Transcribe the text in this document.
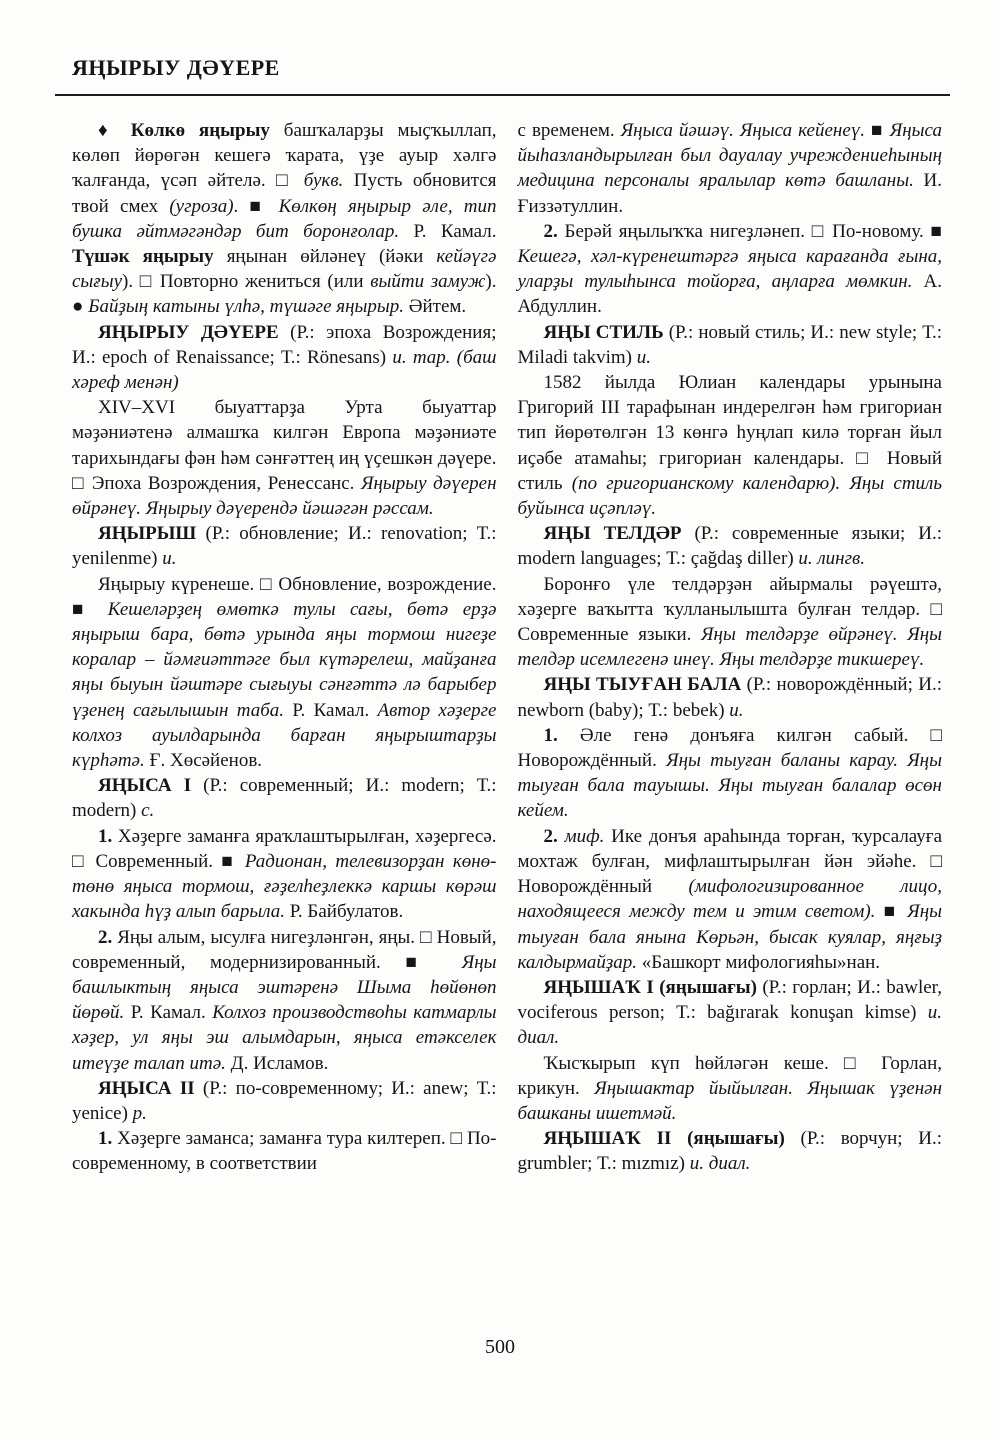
ЯҢЫРЫУ ДӘҮЕРЕ

♦ Көлкө яңырыу башҡаларҙы мыҫҡыллап, көлөп йөрөгән кешегә ҡарата, үҙе ауыр хәлгә ҡалғанда, үсәп әйтелә. □ букв. Пусть обновится твой смех (угроза). ■ Көлкөң яңырыр әле, тип бушка әйтмәгәндәр бит боронғолар. Р. Камал. Түшәк яңырыу яңынан өйләнеү (йәки кейәүгә сығыу). □ Повторно жениться (или выйти замуж). ● Байҙың катыны үлһә, түшәге яңырыр. Әйтем.

ЯҢЫРЫУ ДӘҮЕРЕ (Р.: эпоха Возрождения; И.: epoch of Renaissance; Т.: Rönesans) и. тар. (баш хәреф менән)

XIV–XVI быуаттарҙа Урта быуаттар мәҙәниәтенә алмашҡа килгән Европа мәҙәниәте тарихындағы фән һәм сәнғәттең иң үҫешкән дәүере. □ Эпоха Возрождения, Ренессанс. Яңырыу дәүерен өйрәнеү. Яңырыу дәүерендә йәшәгән рәссам.

ЯҢЫРЫШ (Р.: обновление; И.: renovation; Т.: yenilenme) и.

Яңырыу күренеше. □ Обновление, возрождение. ■ Кешеләрҙең өмөткә тулы сағы, бөтә ерҙә яңырыш бара, бөтә урында яңы тормош нигеҙе коралар – йәмғиәттәге был күтәрелеш, майҙанға яңы быуын йәштәре сығыуы сәнғәттә лә барыбер үҙенең сағылышын таба. Р. Камал. Автор хәҙерге колхоз ауылдарында барған яңырыштарҙы күрһәтә. Ғ. Хөсәйенов.

ЯҢЫСА I (Р.: современный; И.: modern; Т.: modern) с.

1. Хәҙерге заманға яраҡлаштырылған, хәҙергесә. □ Современный. ■ Радионан, телевизорҙан көнө-төнө яңыса тормош, ғәҙелһеҙлеккә каршы көрәш хакында һүҙ алып барыла. Р. Байбулатов.

2. Яңы алым, ысулға нигеҙләнгән, яңы. □ Новый, современный, модернизированный. ■ Яңы башлыктың яңыса эштәренә Шыма һөйөнөп йөрөй. Р. Камал. Колхоз производствоһы катмарлы хәҙер, ул яңы эш алымдарын, яңыса етәкселек итеүҙе талап итә. Д. Исламов.

ЯҢЫСА II (Р.: по-современному; И.: anew; Т.: yenice) р.

1. Хәҙерге заманса; заманға тура килтереп. □ По-современному, в соответствии

с временем. Яңыса йәшәү. Яңыса кейенеү. ■ Яңыса йыһазландырылған был дауалау учреждениеһының медицина персоналы яралылар көтә башланы. И. Ғиззәтуллин.

2. Берәй яңылыҡҡа нигеҙләнеп. □ По-новому. ■ Кешегә, хәл-күренештәргә яңыса карағанда ғына, уларҙы тулыһынса тойорға, аңларға мөмкин. А. Абдуллин.

ЯҢЫ СТИЛЬ (Р.: новый стиль; И.: new style; Т.: Miladi takvim) и.

1582 йылда Юлиан календары урынына Григорий III тарафынан индерелгән һәм григориан тип йөрөтөлгән 13 көнгә һуңлап килә торған йыл иҫәбе атамаһы; григориан календары. □ Новый стиль (по григорианскому календарю). Яңы стиль буйынса иҫәпләү.

ЯҢЫ ТЕЛДӘР (Р.: современные языки; И.: modern languages; Т.: çağdaş diller) и. лингв.

Боронғо үле телдәрҙән айырмалы рәүештә, хәҙерге ваҡытта ҡулланылышта булған телдәр. □ Современные языки. Яңы телдәрҙе өйрәнеү. Яңы телдәр исемлегенә инеү. Яңы телдәрҙе тикшереү.

ЯҢЫ ТЫУҒАН БАЛА (Р.: новорождённый; И.: newborn (baby); Т.: bebek) и.

1. Әле генә донъяға килгән сабый. □ Новорождённый. Яңы тыуған баланы карау. Яңы тыуған бала тауышы. Яңы тыуған балалар өсөн кейем.

2. миф. Ике донъя араһында торған, ҡурсалауға мохтаж булған, мифлаштырылған йән эйәһе. □ Новорождённый (мифологизированное лицо, находящееся между тем и этим светом). ■ Яңы тыуған бала янына Көрьән, бысак куялар, яңғыҙ калдырмайҙар. «Башкорт мифологияһы»нан.

ЯҢЫШАҠ I (яңышағы) (Р.: горлан; И.: bawler, vociferous person; Т.: bağırarak konuşan kimse) и. диал.

Ҡысҡырып күп һөйләгән кеше. □ Горлан, крикун. Яңышактар йыйылған. Яңышак үҙенән башканы ишетмәй.

ЯҢЫШАҠ II (яңышағы) (Р.: ворчун; И.: grumbler; Т.: mızmız) и. диал.

500
